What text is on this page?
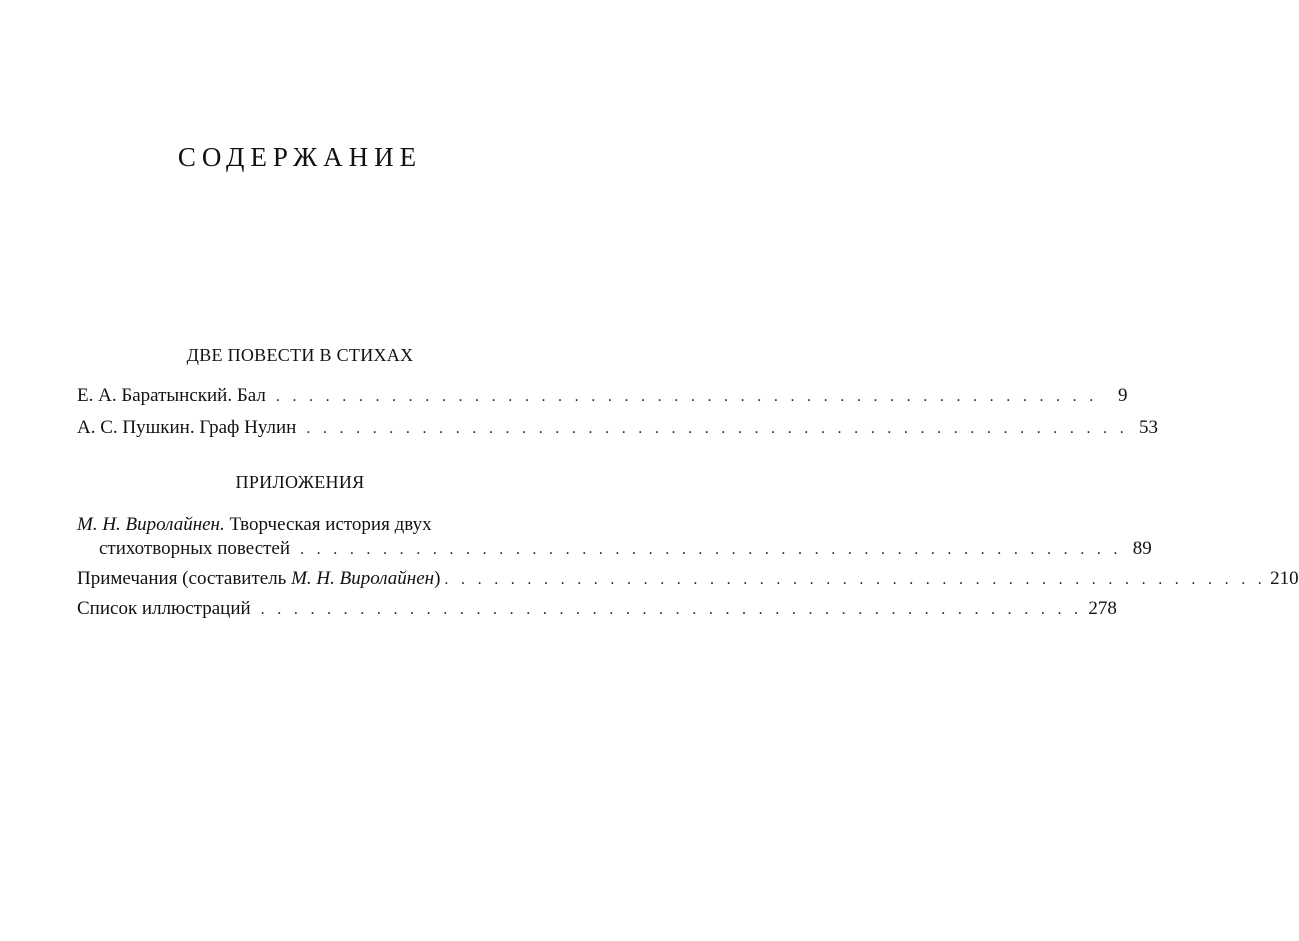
СОДЕРЖАНИЕ
ДВЕ ПОВЕСТИ В СТИХАХ
Е. А. Баратынский. Бал . . . . . . . . . . . . . . . . . . . . . . . . . . . . . . . . . . . . . . . . . . . . . . . . . .	9
А. С. Пушкин. Граф Нулин . . . . . . . . . . . . . . . . . . . . . . . . . . . . . . . . . . . . . . . . . . . . . . . . . . 53
ПРИЛОЖЕНИЯ
М. Н. Виролайнен. Творческая история двух
стихотворных повестей . . . . . . . . . . . . . . . . . . . . . . . . . . . . . . . . . . . . . . . . . . . . . . . . . . 89
Примечания (составитель М. Н. Виролайнен) . . . . . . . . . . . . . . . . . . . . . . . . . . . . . . . . . . . . . . . . . . . . . . . . . . 210
Список иллюстраций . . . . . . . . . . . . . . . . . . . . . . . . . . . . . . . . . . . . . . . . . . . . . . . . . . 278
